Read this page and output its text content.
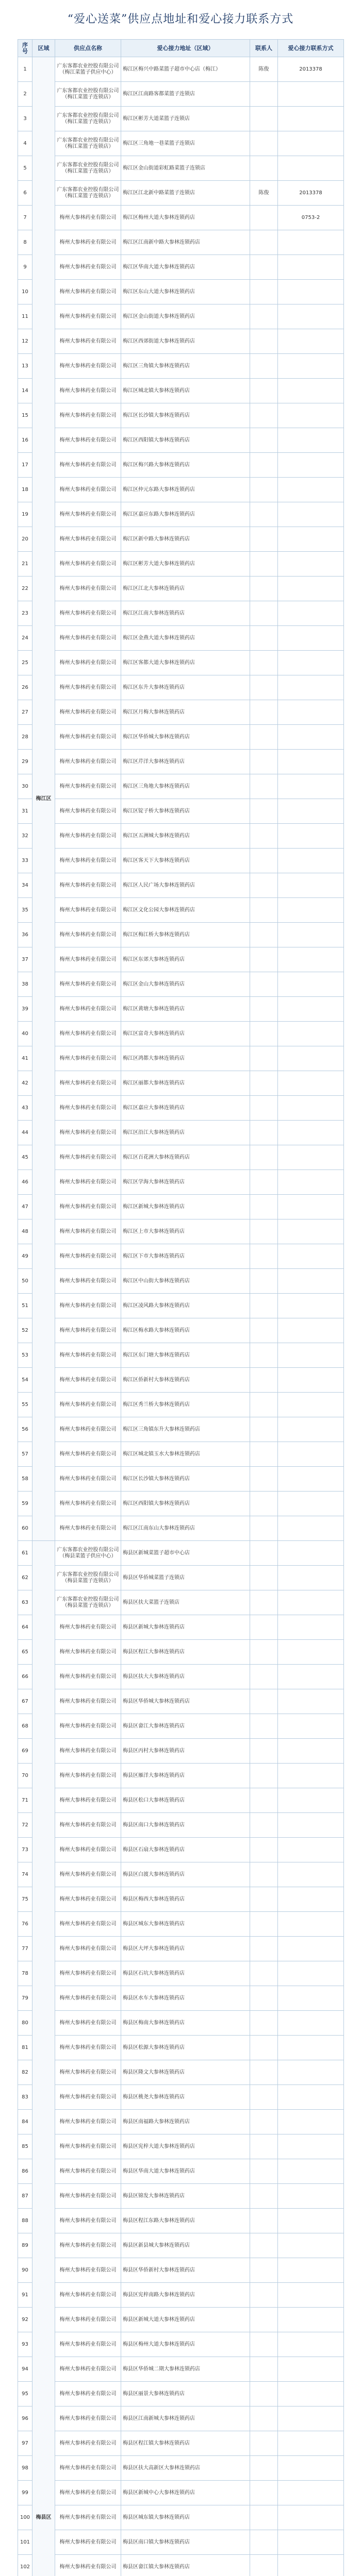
“爱心送菜”供应点地址和爱心接力联系方式
序号	区域	供应点名称	爱心接力地址（区域）	联系人	爱心接力联系方式
1	梅江区	广东客都农业控股有限公司（梅江菜篮子供应中心）	梅江区梅兴中路菜篮子超市中心店（梅江）	陈俊	2013378
2		广东客都农业控股有限公司（梅江菜篮子连锁店）	梅江区江南路客都菜篮子连锁店		
3		广东客都农业控股有限公司（梅江菜篮子连锁店）	梅江区彬芳大道菜篮子连锁店		
4		广东客都农业控股有限公司（梅江菜篮子连锁店）	梅江区三角地一巷菜篮子连锁店		
5		广东客都农业控股有限公司（梅江菜篮子连锁店）	梅江区金山街道彩虹路菜篮子连锁店		
6		广东客都农业控股有限公司（梅江菜篮子连锁店）	梅江区江北新中路菜篮子连锁店	陈俊	2013378
7		梅州大参林药业有限公司	梅江区梅州大道大参林连锁药店		0753-2
8		梅州大参林药业有限公司	梅江区江南新中路大参林连锁药店		
9		梅州大参林药业有限公司	梅江区华南大道大参林连锁药店		
10		梅州大参林药业有限公司	梅江区东山大道大参林连锁药店		
11		梅州大参林药业有限公司	梅江区金山街道大参林连锁药店		
12		梅州大参林药业有限公司	梅江区西郊街道大参林连锁药店		
13		梅州大参林药业有限公司	梅江区三角镇大参林连锁药店		
14		梅州大参林药业有限公司	梅江区城北镇大参林连锁药店		
15		梅州大参林药业有限公司	梅江区长沙镇大参林连锁药店		
16		梅州大参林药业有限公司	梅江区西阳镇大参林连锁药店		
17		梅州大参林药业有限公司	梅江区梅兴路大参林连锁药店		
18		梅州大参林药业有限公司	梅江区仲元东路大参林连锁药店		
19		梅州大参林药业有限公司	梅江区嘉应东路大参林连锁药店		
20		梅州大参林药业有限公司	梅江区新中路大参林连锁药店		
21		梅州大参林药业有限公司	梅江区彬芳大道大参林连锁药店		
22		梅州大参林药业有限公司	梅江区江北大参林连锁药店		
23		梅州大参林药业有限公司	梅江区江南大参林连锁药店		
24		梅州大参林药业有限公司	梅江区金燕大道大参林连锁药店		
25		梅州大参林药业有限公司	梅江区客都大道大参林连锁药店		
26		梅州大参林药业有限公司	梅江区东升大参林连锁药店		
27		梅州大参林药业有限公司	梅江区月梅大参林连锁药店		
28		梅州大参林药业有限公司	梅江区华侨城大参林连锁药店		
29		梅州大参林药业有限公司	梅江区芹洋大参林连锁药店		
30		梅州大参林药业有限公司	梅江区三角地大参林连锁药店		
31		梅州大参林药业有限公司	梅江区锭子桥大参林连锁药店		
32		梅州大参林药业有限公司	梅江区五洲城大参林连锁药店		
33		梅州大参林药业有限公司	梅江区客天下大参林连锁药店		
34		梅州大参林药业有限公司	梅江区人民广场大参林连锁药店		
35		梅州大参林药业有限公司	梅江区文化公园大参林连锁药店		
36		梅州大参林药业有限公司	梅江区梅江桥大参林连锁药店		
37		梅州大参林药业有限公司	梅江区东郊大参林连锁药店		
38		梅州大参林药业有限公司	梅江区金山大参林连锁药店		
39		梅州大参林药业有限公司	梅江区黄塘大参林连锁药店		
40		梅州大参林药业有限公司	梅江区富奇大参林连锁药店		
41		梅州大参林药业有限公司	梅江区鸿都大参林连锁药店		
42		梅州大参林药业有限公司	梅江区丽都大参林连锁药店		
43		梅州大参林药业有限公司	梅江区嘉应大参林连锁药店		
44		梅州大参林药业有限公司	梅江区沿江大参林连锁药店		
45		梅州大参林药业有限公司	梅江区百花洲大参林连锁药店		
46		梅州大参林药业有限公司	梅江区学海大参林连锁药店		
47		梅州大参林药业有限公司	梅江区新城大参林连锁药店		
48		梅州大参林药业有限公司	梅江区上市大参林连锁药店		
49		梅州大参林药业有限公司	梅江区下市大参林连锁药店		
50		梅州大参林药业有限公司	梅江区中山街大参林连锁药店		
51		梅州大参林药业有限公司	梅江区凌风路大参林连锁药店		
52		梅州大参林药业有限公司	梅江区梅水路大参林连锁药店		
53		梅州大参林药业有限公司	梅江区东门塘大参林连锁药店		
54		梅州大参林药业有限公司	梅江区侨新村大参林连锁药店		
55		梅州大参林药业有限公司	梅江区秀兰桥大参林连锁药店		
56		梅州大参林药业有限公司	梅江区三角镇东升大参林连锁药店		
57		梅州大参林药业有限公司	梅江区城北镇玉水大参林连锁药店		
58		梅州大参林药业有限公司	梅江区长沙镇大参林连锁药店		
59		梅州大参林药业有限公司	梅江区西阳镇大参林连锁药店		
60		梅州大参林药业有限公司	梅江区江南东山大参林连锁药店		
61	梅县区	广东客都农业控股有限公司（梅县菜篮子供应中心）	梅县区新城菜篮子超市中心店		
62		广东客都农业控股有限公司（梅县菜篮子连锁店）	梅县区华侨城菜篮子连锁店		
63		广东客都农业控股有限公司（梅县菜篮子连锁店）	梅县区扶大菜篮子连锁店		
64		梅州大参林药业有限公司	梅县区新城大参林连锁药店		
65		梅州大参林药业有限公司	梅县区程江大参林连锁药店		
66		梅州大参林药业有限公司	梅县区扶大大参林连锁药店		
67		梅州大参林药业有限公司	梅县区华侨城大参林连锁药店		
68		梅州大参林药业有限公司	梅县区畲江大参林连锁药店		
69		梅州大参林药业有限公司	梅县区丙村大参林连锁药店		
70		梅州大参林药业有限公司	梅县区雁洋大参林连锁药店		
71		梅州大参林药业有限公司	梅县区松口大参林连锁药店		
72		梅州大参林药业有限公司	梅县区南口大参林连锁药店		
73		梅州大参林药业有限公司	梅县区石扇大参林连锁药店		
74		梅州大参林药业有限公司	梅县区白渡大参林连锁药店		
75		梅州大参林药业有限公司	梅县区梅西大参林连锁药店		
76		梅州大参林药业有限公司	梅县区城东大参林连锁药店		
77		梅州大参林药业有限公司	梅县区大坪大参林连锁药店		
78		梅州大参林药业有限公司	梅县区石坑大参林连锁药店		
79		梅州大参林药业有限公司	梅县区水车大参林连锁药店		
80		梅州大参林药业有限公司	梅县区梅南大参林连锁药店		
81		梅州大参林药业有限公司	梅县区松源大参林连锁药店		
82		梅州大参林药业有限公司	梅县区隆文大参林连锁药店		
83		梅州大参林药业有限公司	梅县区桃尧大参林连锁药店		
84		梅州大参林药业有限公司	梅县区南福路大参林连锁药店		
85		梅州大参林药业有限公司	梅县区宪梓大道大参林连锁药店		
86		梅州大参林药业有限公司	梅县区华南大道大参林连锁药店		
87		梅州大参林药业有限公司	梅县区锦发大参林连锁药店		
88		梅州大参林药业有限公司	梅县区程江东路大参林连锁药店		
89		梅州大参林药业有限公司	梅县区新县城大参林连锁药店		
90		梅州大参林药业有限公司	梅县区华侨新村大参林连锁药店		
91		梅州大参林药业有限公司	梅县区宪梓南路大参林连锁药店		
92		梅州大参林药业有限公司	梅县区新城大道大参林连锁药店		
93		梅州大参林药业有限公司	梅县区梅州大道大参林连锁药店		
94		梅州大参林药业有限公司	梅县区华侨城二期大参林连锁药店		
95		梅州大参林药业有限公司	梅县区丽景大参林连锁药店		
96		梅州大参林药业有限公司	梅县区江南新城大参林连锁药店		
97		梅州大参林药业有限公司	梅县区程江镇大参林连锁药店		
98		梅州大参林药业有限公司	梅县区扶大高新区大参林连锁药店		
99		梅州大参林药业有限公司	梅县区新城中心大参林连锁药店		
100		梅州大参林药业有限公司	梅县区城东镇大参林连锁药店		
101		梅州大参林药业有限公司	梅县区南口镇大参林连锁药店		
102		梅州大参林药业有限公司	梅县区畲江镇大参林连锁药店		
